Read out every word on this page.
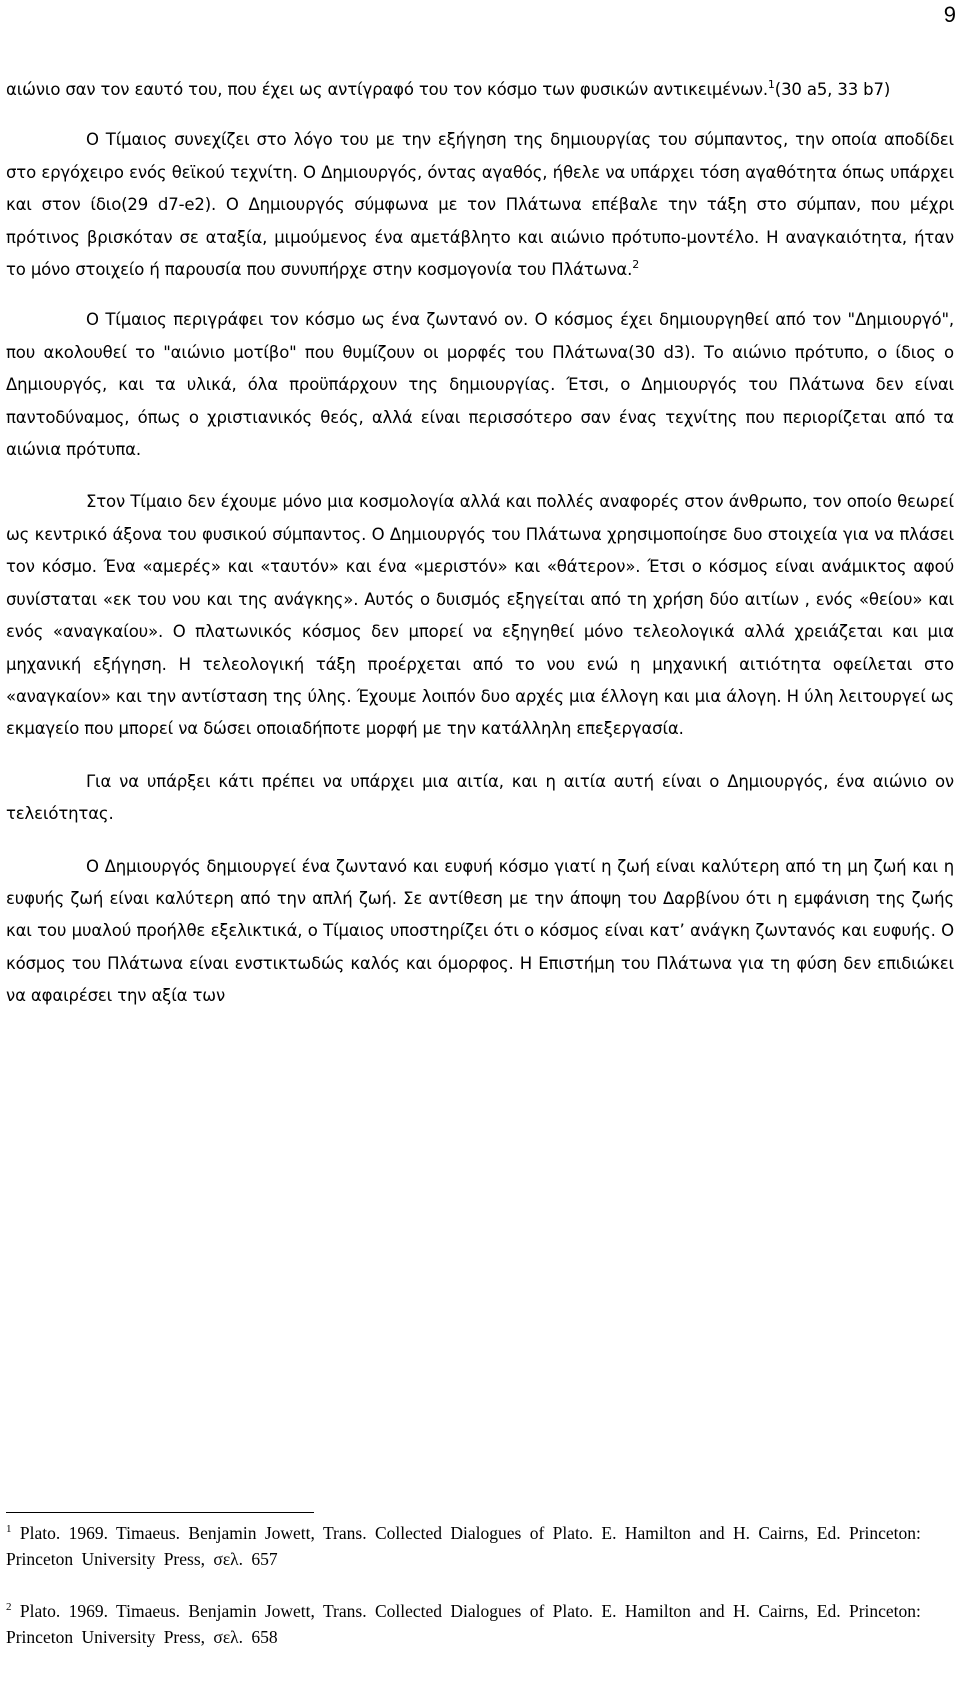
9

αιώνιο σαν τον εαυτό του, που έχει ως αντίγραφό του τον κόσμο των φυσικών αντικειμένων.$^1$(30 a5, 33 b7)

Ο Τίμαιος συνεχίζει στο λόγο του με την εξήγηση της δημιουργίας του σύμπαντος, την οποία αποδίδει στο εργόχειρο ενός θεϊκού τεχνίτη. Ο Δημιουργός, όντας αγαθός, ήθελε να υπάρχει τόση αγαθότητα όπως υπάρχει και στον ίδιο(29 d7-e2). Ο Δημιουργός σύμφωνα με τον Πλάτωνα επέβαλε την τάξη στο σύμπαν, που μέχρι πρότινος βρισκόταν σε αταξία, μιμούμενος ένα αμετάβλητο και αιώνιο πρότυπο-μοντέλο. Η αναγκαιότητα, ήταν το μόνο στοιχείο ή παρουσία που συνυπήρχε στην κοσμογονία του Πλάτωνα.$^2$

Ο Τίμαιος περιγράφει τον κόσμο ως ένα ζωντανό ον. Ο κόσμος έχει δημιουργηθεί από τον "Δημιουργό", που ακολουθεί το "αιώνιο μοτίβο" που θυμίζουν οι μορφές του Πλάτωνα(30 d3). Το αιώνιο πρότυπο, ο ίδιος ο Δημιουργός, και τα υλικά, όλα προϋπάρχουν της δημιουργίας. Έτσι, ο Δημιουργός του Πλάτωνα δεν είναι παντοδύναμος, όπως ο χριστιανικός θεός, αλλά είναι περισσότερο σαν ένας τεχνίτης που περιορίζεται από τα αιώνια πρότυπα.

Στον Τίμαιο δεν έχουμε μόνο μια κοσμολογία αλλά και πολλές αναφορές στον άνθρωπο, τον οποίο θεωρεί ως κεντρικό άξονα του φυσικού σύμπαντος. Ο Δημιουργός του Πλάτωνα χρησιμοποίησε δυο στοιχεία για να πλάσει τον κόσμο. Ένα «αμερές» και «ταυτόν» και ένα «μεριστόν» και «θάτερον». Έτσι ο κόσμος είναι ανάμικτος αφού συνίσταται «εκ του νου και της ανάγκης». Αυτός ο δυισμός εξηγείται από τη χρήση δύο αιτίων , ενός «θείου» και ενός «αναγκαίου». Ο πλατωνικός κόσμος δεν μπορεί να εξηγηθεί μόνο τελεολογικά αλλά χρειάζεται και μια μηχανική εξήγηση. Η τελεολογική τάξη προέρχεται από το νου ενώ η μηχανική αιτιότητα οφείλεται στο «αναγκαίον» και την αντίσταση της ύλης. Έχουμε λοιπόν δυο αρχές μια έλλογη και μια άλογη. Η ύλη λειτουργεί ως εκμαγείο που μπορεί να δώσει οποιαδήποτε μορφή με την κατάλληλη επεξεργασία.

Για να υπάρξει κάτι πρέπει να υπάρχει μια αιτία, και η αιτία αυτή είναι ο Δημιουργός, ένα αιώνιο ον τελειότητας.

Ο Δημιουργός δημιουργεί ένα ζωντανό και ευφυή κόσμο γιατί η ζωή είναι καλύτερη από τη μη ζωή και η ευφυής ζωή είναι καλύτερη από την απλή ζωή. Σε αντίθεση με την άποψη του Δαρβίνου ότι η εμφάνιση της ζωής και του μυαλού προήλθε εξελικτικά, ο Τίμαιος υποστηρίζει ότι ο κόσμος είναι κατ’ ανάγκη ζωντανός και ευφυής. Ο κόσμος του Πλάτωνα είναι ενστικτωδώς καλός και όμορφος. Η Επιστήμη του Πλάτωνα για τη φύση δεν επιδιώκει να αφαιρέσει την αξία των

$^1$ Plato. 1969. Timaeus. Benjamin Jowett, Trans. Collected Dialogues of Plato. E. Hamilton and H. Cairns, Ed. Princeton: Princeton University Press, σελ. 657

$^2$ Plato. 1969. Timaeus. Benjamin Jowett, Trans. Collected Dialogues of Plato. E. Hamilton and H. Cairns, Ed. Princeton: Princeton University Press, σελ. 658
